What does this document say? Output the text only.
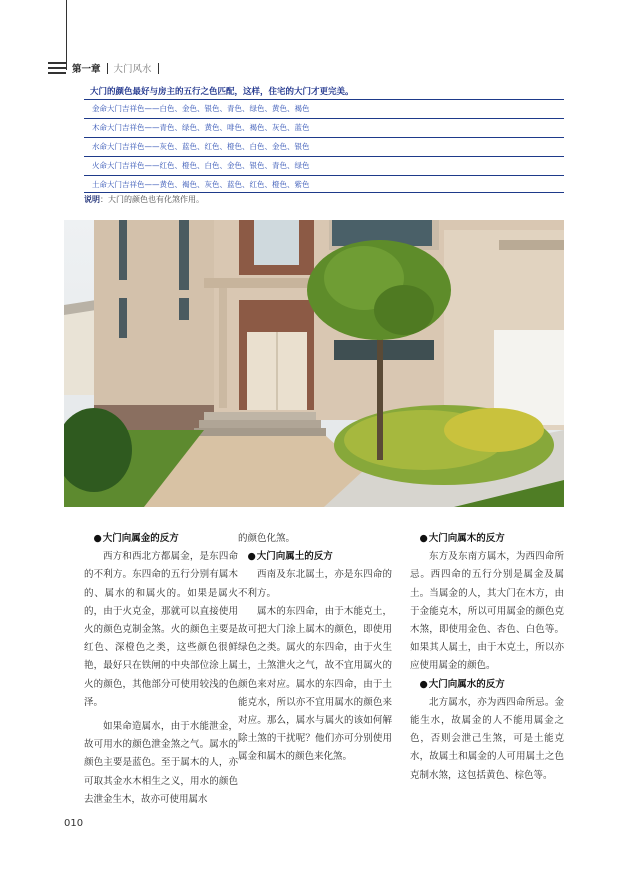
第一章 大门风水
大门的颜色最好与房主的五行之色匹配，这样，住宅的大门才更完美。
金命大门吉祥色——白色、金色、银色、青色、绿色、黄色、褐色
木命大门吉祥色——青色、绿色、黄色、啡色、褐色、灰色、蓝色
水命大门吉祥色——灰色、蓝色、红色、橙色、白色、金色、银色
火命大门吉祥色——红色、橙色、白色、金色、银色、青色、绿色
土命大门吉祥色——黄色、褐色、灰色、蓝色、红色、橙色、紫色
说明：大门的颜色也有化煞作用。
● 大门向属金的反方

西方和西北方都属金，是东四命的不利方。东四命的五行分别有属木的、属水的和属火的。如果是属火的，由于火克金，那就可以直接使用火的颜色克制金煞。火的颜色主要是红色、深橙色之类，这些颜色很鲜艳，最好只在铁闸的中央部位涂上属火的颜色，其他部分可使用较浅的色泽。

如果命造属水，由于水能泄金，故可用水的颜色泄金煞之气。属水的颜色主要是蓝色。至于属木的人，亦可取其金水木相生之义，用水的颜色去泄金生木，故亦可使用属水

的颜色化煞。

● 大门向属土的反方

西南及东北属土，亦是东四命的不利方。

属木的东四命，由于木能克土，故可把大门涂上属木的颜色，即使用绿色之类。属火的东四命，由于火生土，土煞泄火之气，故不宜用属火的颜色来对应。属水的东四命，由于土能克水，所以亦不宜用属水的颜色来对应。那么，属水与属火的该如何解除土煞的干扰呢？他们亦可分别使用属金和属木的颜色来化煞。

● 大门向属木的反方

东方及东南方属木，为西四命所忌。西四命的五行分别是属金及属土。当属金的人，其大门在木方，由于金能克木，所以可用属金的颜色克木煞，即使用金色、杏色、白色等。如果其人属土，由于木克土，所以亦应使用属金的颜色。

● 大门向属水的反方

北方属水，亦为西四命所忌。金能生水，故属金的人不能用属金之色，否则会泄己生煞，可是土能克水，故属土和属金的人可用属土之色克制水煞，这包括黄色、棕色等。

010
